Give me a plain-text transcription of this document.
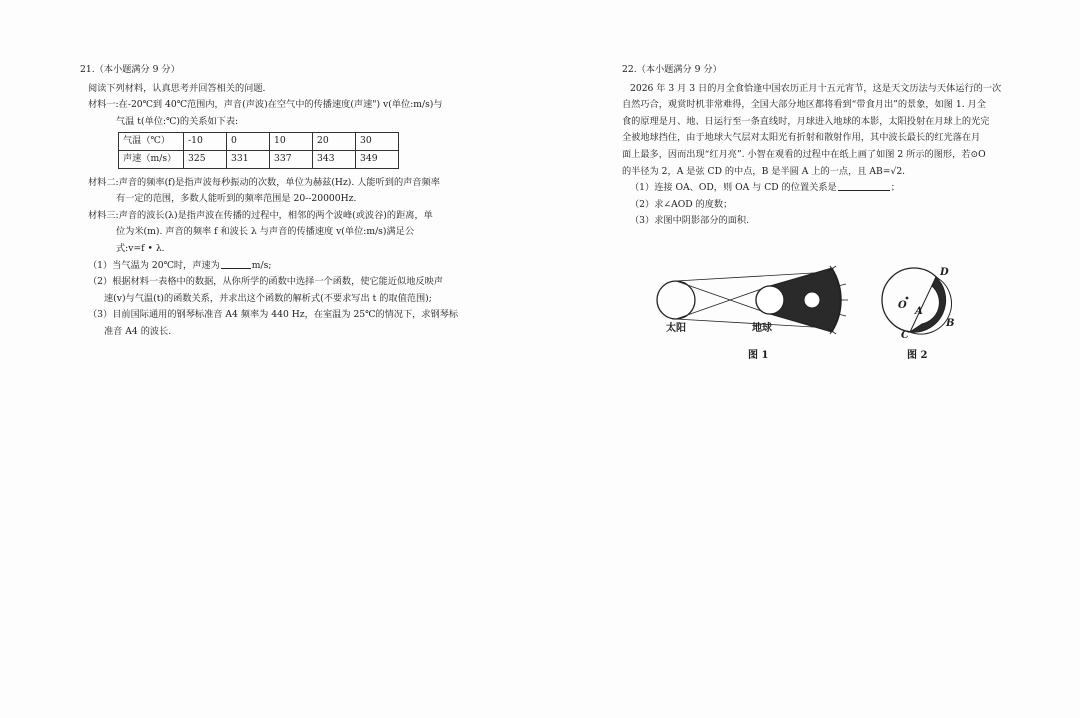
21.（本小题满分 9 分）

阅读下列材料，认真思考并回答相关的问题.

材料一:在-20℃到 40℃范围内，声音(声波)在空气中的传播速度(声速") v(单位:m/s)与

气温 t(单位:℃)的关系如下表:

气温（℃）	-10	0	10	20	30
声速（m/s）	325	331	337	343	349

材料二:声音的频率(f)是指声波每秒振动的次数，单位为赫兹(Hz). 人能听到的声音频率

有一定的范围，多数人能听到的频率范围是 20--20000Hz.

材料三:声音的波长(λ)是指声波在传播的过程中，相邻的两个波峰(或波谷)的距离，单

位为米(m). 声音的频率 f 和波长 λ 与声音的传播速度 v(单位:m/s)满足公

式:v=f • λ.

（1）当气温为 20℃时，声速为	m/s;

（2）根据材料一表格中的数据，从你所学的函数中选择一个函数，使它能近似地反映声

速(v)与气温(t)的函数关系，并求出这个函数的解析式(不要求写出 t 的取值范围);

（3）目前国际通用的钢琴标准音 A4 频率为 440 Hz，在室温为 25℃的情况下，求钢琴标

准音 A4 的波长.

22.（本小题满分 9 分）

2026 年 3 月 3 日的月全食恰逢中国农历正月十五元宵节，这是天文历法与天体运行的一次

自然巧合，观赏时机非常难得，全国大部分地区都将看到“带食月出”的景象，如图 1. 月全

食的原理是月、地、日运行至一条直线时，月球进入地球的本影，太阳投射在月球上的光完

全被地球挡住，由于地球大气层对太阳光有折射和散射作用，其中波长最长的红光落在月

面上最多，因而出现“红月亮”. 小智在观看的过程中在纸上画了如图 2 所示的图形，若⊙O

的半径为 2，A 是弦 CD 的中点，B 是半圆 A 上的一点，且 AB=√2.

（1）连接 OA、OD，则 OA 与 CD 的位置关系是	；

（2）求∠AOD 的度数；

（3）求图中阴影部分的面积.

太阳	地球
图 1
O
A
B
C
D
图 2
